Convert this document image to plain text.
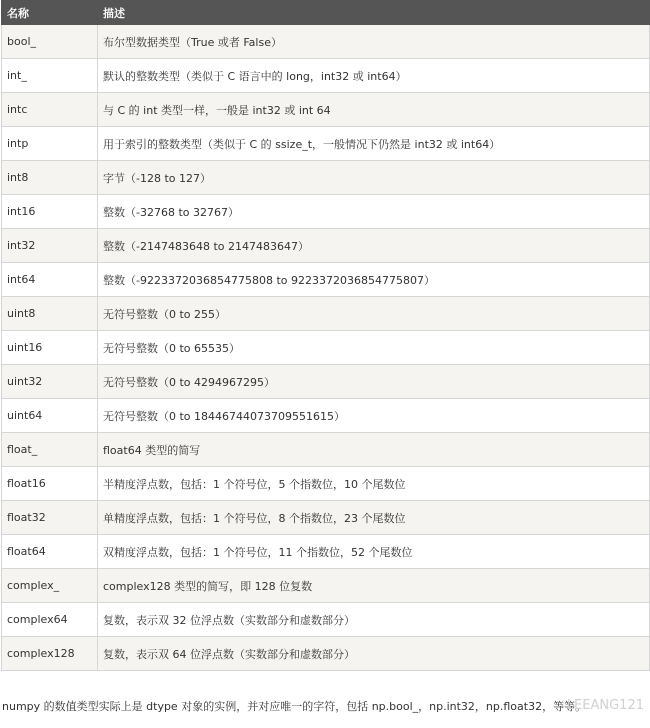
名称	描述
bool_	布尔型数据类型（True 或者 False）
int_	默认的整数类型（类似于 C 语言中的 long，int32 或 int64）
intc	与 C 的 int 类型一样，一般是 int32 或 int 64
intp	用于索引的整数类型（类似于 C 的 ssize_t，一般情况下仍然是 int32 或 int64）
int8	字节（-128 to 127）
int16	整数（-32768 to 32767）
int32	整数（-2147483648 to 2147483647）
int64	整数（-9223372036854775808 to 9223372036854775807）
uint8	无符号整数（0 to 255）
uint16	无符号整数（0 to 65535）
uint32	无符号整数（0 to 4294967295）
uint64	无符号整数（0 to 18446744073709551615）
float_	float64 类型的简写
float16	半精度浮点数，包括：1 个符号位，5 个指数位，10 个尾数位
float32	单精度浮点数，包括：1 个符号位，8 个指数位，23 个尾数位
float64	双精度浮点数，包括：1 个符号位，11 个指数位，52 个尾数位
complex_	complex128 类型的简写，即 128 位复数
complex64	复数，表示双 32 位浮点数（实数部分和虚数部分）
complex128	复数，表示双 64 位浮点数（实数部分和虚数部分）
numpy 的数值类型实际上是 dtype 对象的实例，并对应唯一的字符，包括 np.bool_，np.int32，np.float32，等等。
LEEANG121
